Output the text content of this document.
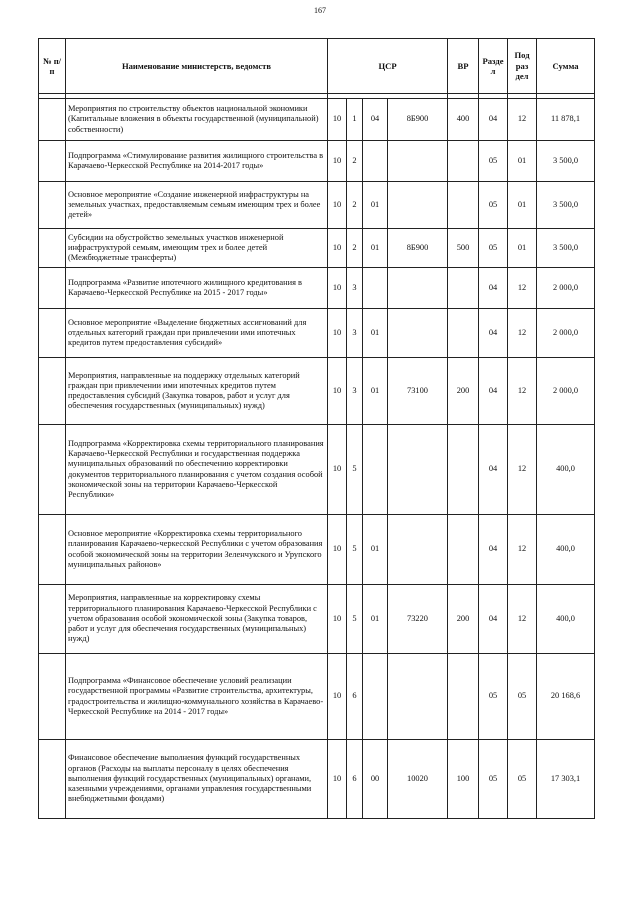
167
№ п/п	Наименование министерств, ведомств	ЦСР				ВР	Разде л	Под раз дел	Сумма

	Мероприятия по строительству объектов национальной экономики (Капитальные вложения в объекты государственной (муниципальной) собственности)	10	1	04	8Б900	400	04	12	11 878,1
	Подпрограмма «Стимулирование развития жилищного строительства в Карачаево-Черкесской Республике на 2014-2017 годы»	10	2				05	01	3 500,0
	Основное мероприятие «Создание инженерной инфраструктуры на земельных участках, предоставляемым семьям имеющим трех и более детей»	10	2	01			05	01	3 500,0
	Субсидии на обустройство земельных участков инженерной инфраструктурой семьям, имеющим трех и более детей (Межбюджетные трансферты)	10	2	01	8Б900	500	05	01	3 500,0
	Подпрограмма «Развитие ипотечного жилищного кредитования в Карачаево-Черкесской Республике на 2015 - 2017 годы»	10	3				04	12	2 000,0
	Основное мероприятие «Выделение бюджетных ассигнований для отдельных категорий граждан при привлечении ими ипотечных кредитов путем предоставления субсидий»	10	3	01			04	12	2 000,0
	Мероприятия, направленные на поддержку отдельных категорий граждан при привлечении ими ипотечных кредитов путем предоставления субсидий (Закупка товаров, работ и услуг для обеспечения государственных (муниципальных) нужд)	10	3	01	73100	200	04	12	2 000,0
	Подпрограмма «Корректировка схемы территориального планирования Карачаево-Черкесской Республики и государственная поддержка муниципальных образований по обеспечению корректировки документов территориального планирования с учетом создания особой экономической зоны на территории Карачаево-Черкесской Республики»	10	5				04	12	400,0
	Основное мероприятие «Корректировка схемы территориального планирования Карачаево-черкесской Республики с учетом образования особой экономической зоны на территории Зеленчукского и Урупского муниципальных районов»	10	5	01			04	12	400,0
	Мероприятия, направленные на корректировку схемы территориального планирования Карачаево-Черкесской Республики с учетом образования особой экономической зоны (Закупка товаров, работ и услуг для обеспечения государственных (муниципальных) нужд)	10	5	01	73220	200	04	12	400,0
	Подпрограмма «Финансовое обеспечение условий реализации государственной программы «Развитие строительства, архитектуры, градостроительства и жилищно-коммунального хозяйства в Карачаево-Черкесской Республике на 2014 - 2017 годы»	10	6				05	05	20 168,6
	Финансовое обеспечение выполнения функций государственных органов (Расходы на выплаты персоналу в целях обеспечения выполнения функций государственных (муниципальных) органами, казенными учреждениями, органами управления государственными внебюджетными фондами)	10	6	00	10020	100	05	05	17 303,1
